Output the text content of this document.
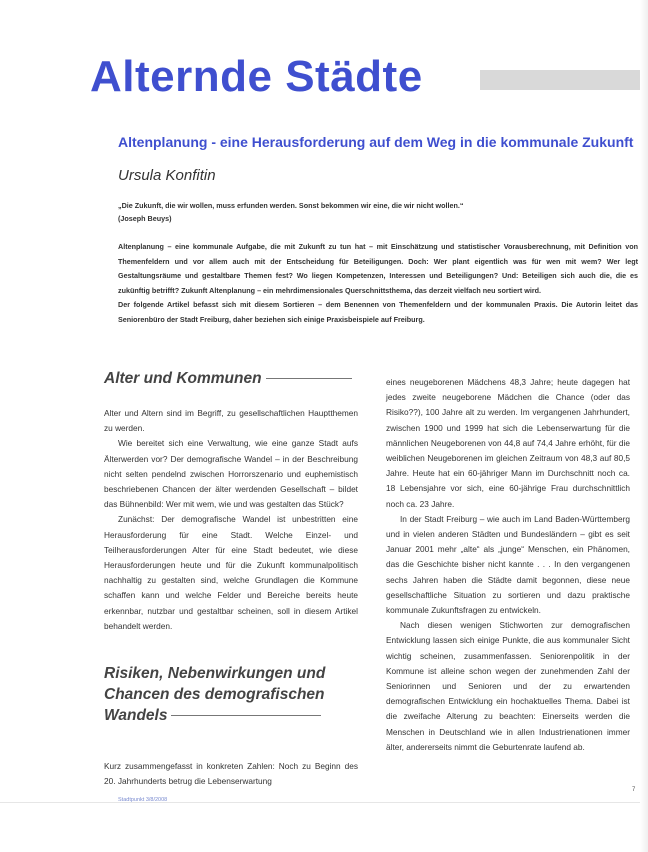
Alternde Städte
Altenplanung - eine Herausforderung auf dem Weg in die kommunale Zukunft
Ursula Konfitin
„Die Zukunft, die wir wollen, muss erfunden werden. Sonst bekommen wir eine, die wir nicht wollen.“
(Joseph Beuys)
Altenplanung – eine kommunale Aufgabe, die mit Zukunft zu tun hat – mit Einschätzung und statistischer Vorausberechnung, mit Definition von Themenfeldern und vor allem auch mit der Entscheidung für Beteiligungen. Doch: Wer plant eigentlich was für wen mit wem? Wer legt Gestaltungsräume und gestaltbare Themen fest? Wo liegen Kompetenzen, Interessen und Beteiligungen? Und: Beteiligen sich auch die, die es zukünftig betrifft? Zukunft Altenplanung – ein mehrdimensionales Querschnittsthema, das derzeit vielfach neu sortiert wird.
Der folgende Artikel befasst sich mit diesem Sortieren – dem Benennen von Themenfeldern und der kommunalen Praxis. Die Autorin leitet das Seniorenbüro der Stadt Freiburg, daher beziehen sich einige Praxisbeispiele auf Freiburg.
Alter und Kommunen

Alter und Altern sind im Begriff, zu gesellschaftlichen Hauptthemen zu werden.

Wie bereitet sich eine Verwaltung, wie eine ganze Stadt aufs Älterwerden vor? Der demografische Wandel – in der Beschreibung nicht selten pendelnd zwischen Horrorszenario und euphemistisch beschriebenen Chancen der älter werdenden Gesellschaft – bildet das Bühnenbild: Wer mit wem, wie und was gestalten das Stück?

Zunächst: Der demografische Wandel ist unbestritten eine Herausforderung für eine Stadt. Welche Einzel- und Teilherausforderungen Alter für eine Stadt bedeutet, wie diese Herausforderungen heute und für die Zukunft kommunalpolitisch nachhaltig zu gestalten sind, welche Grundlagen die Kommune schaffen kann und welche Felder und Bereiche bereits heute erkennbar, nutzbar und gestaltbar scheinen, soll in diesem Artikel behandelt werden.

Risiken, Nebenwirkungen und Chancen des demografischen Wandels

Kurz zusammengefasst in konkreten Zahlen: Noch zu Beginn des 20. Jahrhunderts betrug die Lebenserwartung

eines neugeborenen Mädchens 48,3 Jahre; heute dagegen hat jedes zweite neugeborene Mädchen die Chance (oder das Risiko??), 100 Jahre alt zu werden. Im vergangenen Jahrhundert, zwischen 1900 und 1999 hat sich die Lebenserwartung für die männlichen Neugeborenen von 44,8 auf 74,4 Jahre erhöht, für die weiblichen Neugeborenen im gleichen Zeitraum von 48,3 auf 80,5 Jahre. Heute hat ein 60-jähriger Mann im Durchschnitt noch ca. 18 Lebensjahre vor sich, eine 60-jährige Frau durchschnittlich noch ca. 23 Jahre.

In der Stadt Freiburg – wie auch im Land Baden-Württemberg und in vielen anderen Städten und Bundesländern – gibt es seit Januar 2001 mehr „alte“ als „junge“ Menschen, ein Phänomen, das die Geschichte bisher nicht kannte . . . In den vergangenen sechs Jahren haben die Städte damit begonnen, diese neue gesellschaftliche Situation zu sortieren und dazu praktische kommunale Zukunftsfragen zu entwickeln.

Nach diesen wenigen Stichworten zur demografischen Entwicklung lassen sich einige Punkte, die aus kommunaler Sicht wichtig scheinen, zusammenfassen. Seniorenpolitik in der Kommune ist alleine schon wegen der zunehmenden Zahl der Seniorinnen und Senioren und der zu erwartenden demografischen Entwicklung ein hochaktuelles Thema. Dabei ist die zweifache Alterung zu beachten: Einerseits werden die Menschen in Deutschland wie in allen Industrienationen immer älter, andererseits nimmt die Geburtenrate laufend ab.

Stadtpunkt 3/8/2008
7
